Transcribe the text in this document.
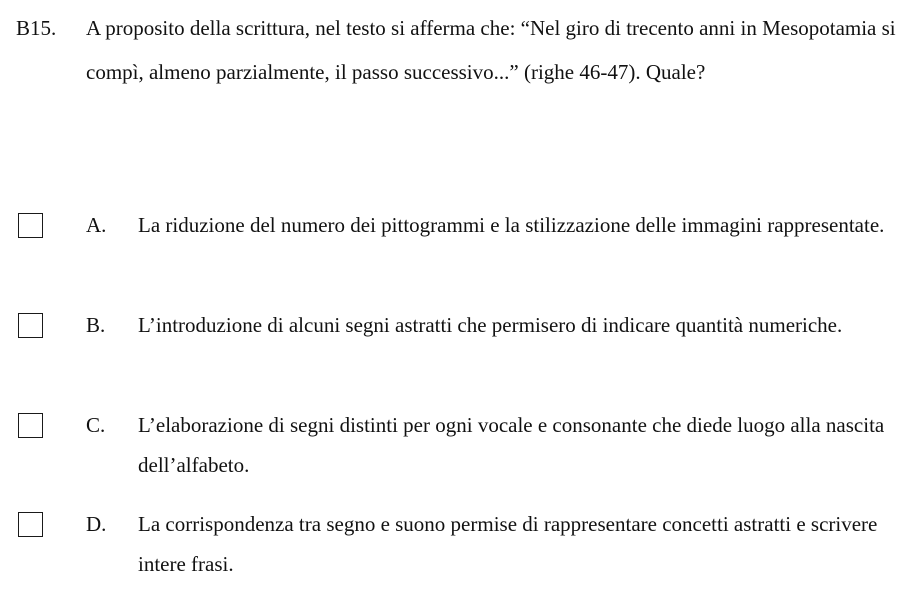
B15.	A proposito della scrittura, nel testo si afferma che: “Nel giro di trecento anni in Mesopotamia si compì, almeno parzialmente, il passo successivo...” (righe 46-47). Quale?
A. La riduzione del numero dei pittogrammi e la stilizzazione delle immagini rappresentate.
B. L’introduzione di alcuni segni astratti che permisero di indicare quantità numeriche.
C. L’elaborazione di segni distinti per ogni vocale e consonante che diede luogo alla nascita dell’alfabeto.
D. La corrispondenza tra segno e suono permise di rappresentare concetti astratti e scrivere intere frasi.
